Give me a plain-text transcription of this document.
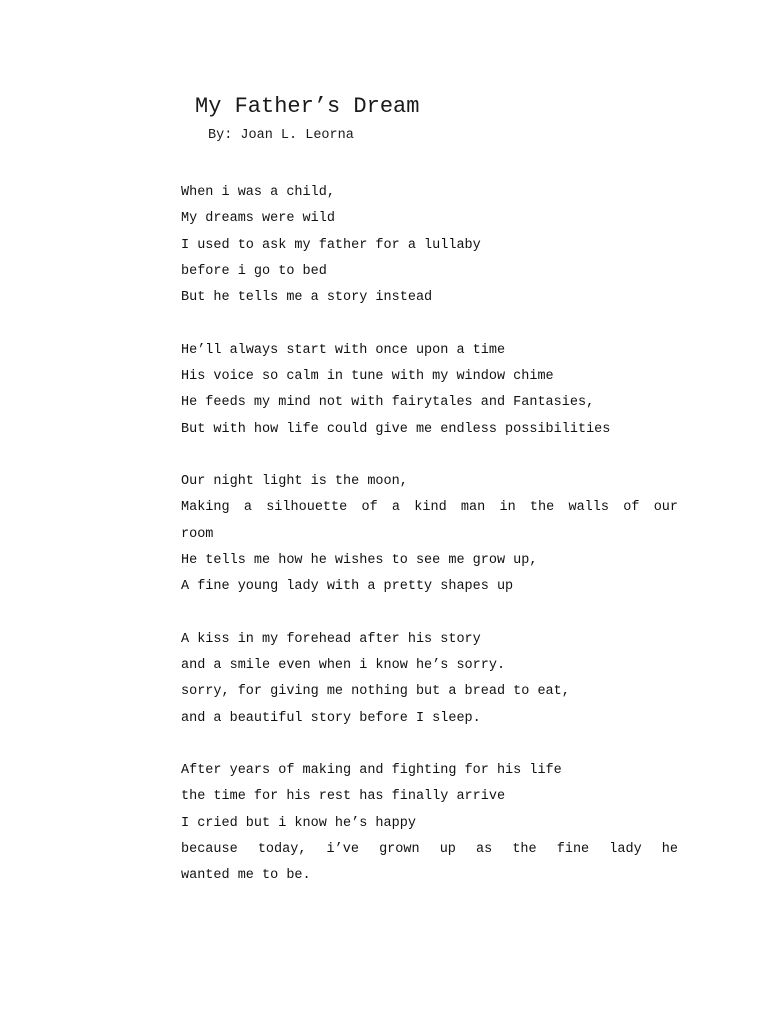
My Father’s Dream
By: Joan L. Leorna
When i was a child,
My dreams were wild
I used to ask my father for a lullaby
before i go to bed
But he tells me a story instead
He’ll always start with once upon a time
His voice so calm in tune with my window chime
He feeds my mind not with fairytales and Fantasies,
But with how life could give me endless possibilities
Our night light is the moon,
Making a silhouette of a kind man in the walls of our
room
He tells me how he wishes to see me grow up,
A fine young lady with a pretty shapes up
A kiss in my forehead after his story
and a smile even when i know he’s sorry.
sorry, for giving me nothing but a bread to eat,
and a beautiful story before I sleep.
After years of making and fighting for his life
the time for his rest has finally arrive
I cried but i know he’s happy
because today, i’ve grown up as the fine lady he
wanted me to be.
